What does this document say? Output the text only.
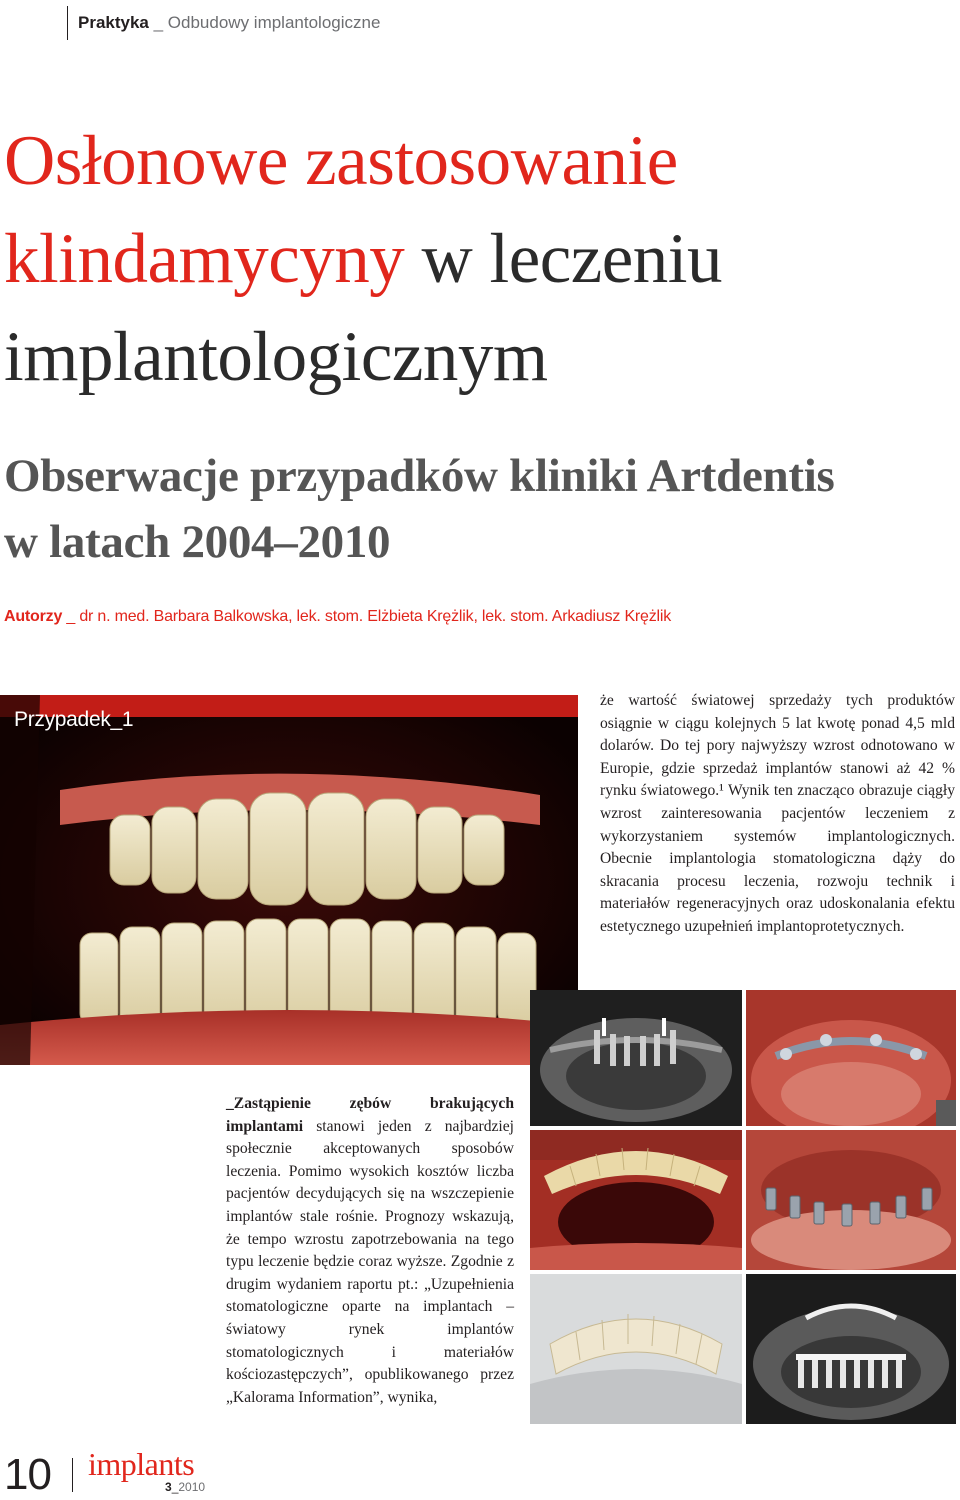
Praktyka _ Odbudowy implantologiczne
Osłonowe zastosowanie
klindamycyny w leczeniu
implantologicznym
Obserwacje przypadków kliniki Artdentis
w latach 2004–2010
Autorzy _ dr n. med. Barbara Balkowska, lek. stom. Elżbieta Krężlik, lek. stom. Arkadiusz Krężlik
Przypadek_1

że wartość światowej sprzedaży tych produktów osiągnie w ciągu kolejnych 5 lat kwotę ponad 4,5 mld dolarów. Do tej pory najwyższy wzrost odnotowano w Europie, gdzie sprzedaż implantów stanowi aż 42 % rynku światowego.¹ Wynik ten znacząco obrazuje ciągły wzrost zainteresowania pacjentów leczeniem z wykorzystaniem systemów implantologicznych. Obecnie implantologia stomatologiczna dąży do skracania procesu leczenia, rozwoju technik i materiałów regeneracyjnych oraz udoskonalania efektu estetycznego uzupełnień implantoprotetycznych.

_Zastąpienie zębów brakujących implantami stanowi jeden z najbardziej społecznie akceptowanych sposobów leczenia. Pomimo wysokich kosztów liczba pacjentów decydujących się na wszczepienie implantów stale rośnie. Prognozy wskazują, że tempo wzrostu zapotrzebowania na tego typu leczenie będzie coraz wyższe. Zgodnie z drugim wydaniem raportu pt.: „Uzupełnienia stomatologiczne oparte na implantach – światowy rynek implantów stomatologicznych i materiałów kościozastępczych”, opublikowanego przez „Kalorama Information”, wynika,

10 implants
3_2010
